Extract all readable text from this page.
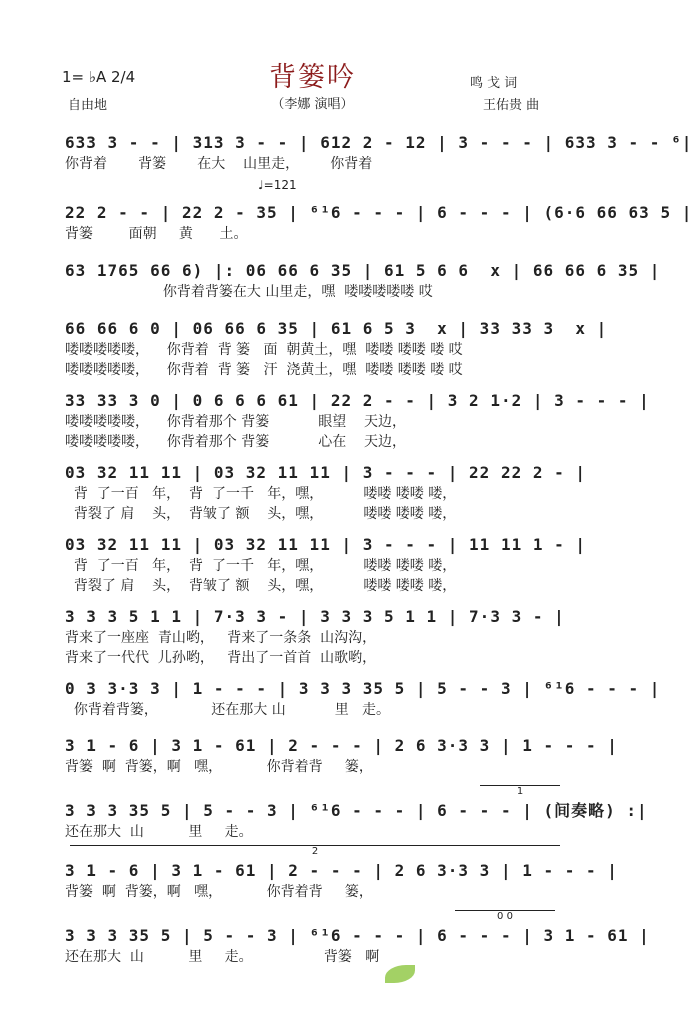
背篓吟
（李娜 演唱）
1= ♭A 2/4
自由地
鸣 戈 词
王佑贵 曲
♩=121
633 3 - - | 313 3 - - | 612 2 - 12 | 3 - - - | 633 3 - - ⁶|
你背着       背篓       在大    山里走，       你背着
22 2 - - | 22 2 - 35 | ⁶¹6 - - - | 6 - - - | (6·6 66 63 5 |
背篓        面朝     黄      土。
63 1765 66 6) |: 06 66 6 35 | 61 5 6 6  x | 66 66 6 35 |
你背着背篓在大 山里走，嘿  喽喽喽喽喽 哎
66 66 6 0 | 06 66 6 35 | 61 6 5 3  x | 33 33 3  x |
喽喽喽喽喽，    你背着  背 篓   面  朝黄土，嘿  喽喽 喽喽 喽 哎
喽喽喽喽喽，    你背着  背 篓   汗  浇黄土，嘿  喽喽 喽喽 喽 哎
33 33 3 0 | 0 6 6 6 61 | 22 2 - - | 3 2 1·2 | 3 - - - |
喽喽喽喽喽，    你背着那个 背篓           眼望    天边，
喽喽喽喽喽，    你背着那个 背篓           心在    天边，
03 32 11 11 | 03 32 11 11 | 3 - - - | 22 22 2 - |
背  了一百   年，  背  了一千   年，嘿，         喽喽 喽喽 喽，
背裂了 肩    头，  背皱了 额    头，嘿，         喽喽 喽喽 喽，
03 32 11 11 | 03 32 11 11 | 3 - - - | 11 11 1 - |
背  了一百   年，  背  了一千   年，嘿，         喽喽 喽喽 喽，
背裂了 肩    头，  背皱了 额    头，嘿，         喽喽 喽喽 喽，
3 3 3 5 1 1 | 7·3 3 - | 3 3 3 5 1 1 | 7·3 3 - |
背来了一座座  青山哟，   背来了一条条  山沟沟，
背来了一代代  儿孙哟，   背出了一首首  山歌哟，
0 3 3·3 3 | 1 - - - | 3 3 3 35 5 | 5 - - 3 | ⁶¹6 - - - |
你背着背篓，            还在那大 山           里   走。
3 1 - 6 | 3 1 - 61 | 2 - - - | 2 6 3·3 3 | 1 - - - |
背篓  啊  背篓，啊   嘿，          你背着背     篓，
1
3 3 3 35 5 | 5 - - 3 | ⁶¹6 - - - | 6 - - - | (间奏略) :|
还在那大  山          里     走。
2
3 1 - 6 | 3 1 - 61 | 2 - - - | 2 6 3·3 3 | 1 - - - |
背篓  啊  背篓，啊   嘿，          你背着背     篓，
0 0
3 3 3 35 5 | 5 - - 3 | ⁶¹6 - - - | 6 - - - | 3 1 - 61 |
还在那大  山          里     走。                背篓   啊
